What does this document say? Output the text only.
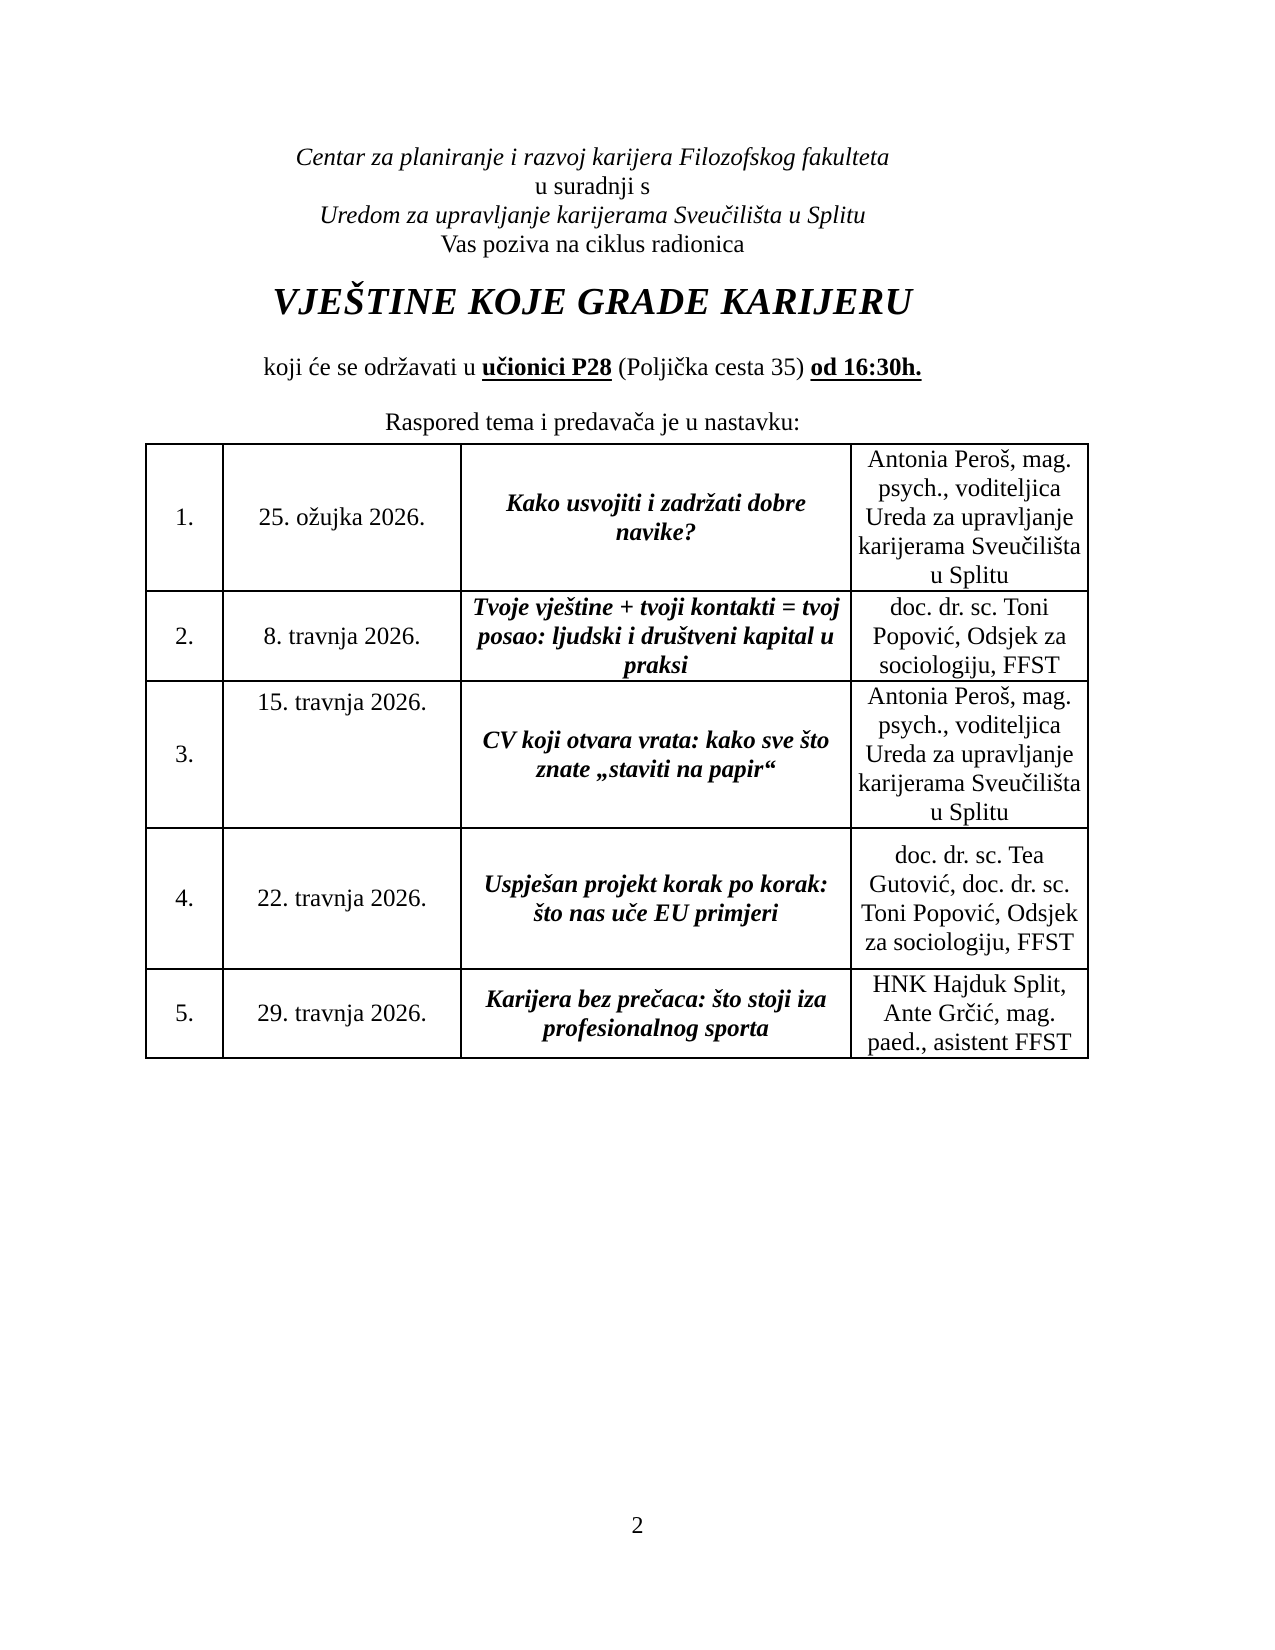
Centar za planiranje i razvoj karijera Filozofskog fakulteta

u suradnji s

Uredom za upravljanje karijerama Sveučilišta u Splitu

Vas poziva na ciklus radionica

VJEŠTINE KOJE GRADE KARIJERU

koji će se održavati u učionici P28 (Poljička cesta 35) od 16:30h.

Raspored tema i predavača je u nastavku:

1.	25. ožujka 2026.	Kako usvojiti i zadržati dobre navike?	Antonia Peroš, mag. psych., voditeljica Ureda za upravljanje karijerama Sveučilišta u Splitu
2.	8. travnja 2026.	Tvoje vještine + tvoji kontakti = tvoj posao: ljudski i društveni kapital u praksi	doc. dr. sc. Toni Popović, Odsjek za sociologiju, FFST
3.	15. travnja 2026.	CV koji otvara vrata: kako sve što znate „staviti na papir“	Antonia Peroš, mag. psych., voditeljica Ureda za upravljanje karijerama Sveučilišta u Splitu
4.	22. travnja 2026.	Uspješan projekt korak po korak: što nas uče EU primjeri	doc. dr. sc. Tea Gutović, doc. dr. sc. Toni Popović, Odsjek za sociologiju, FFST
5.	29. travnja 2026.	Karijera bez prečaca: što stoji iza profesionalnog sporta	HNK Hajduk Split, Ante Grčić, mag. paed., asistent FFST
2
